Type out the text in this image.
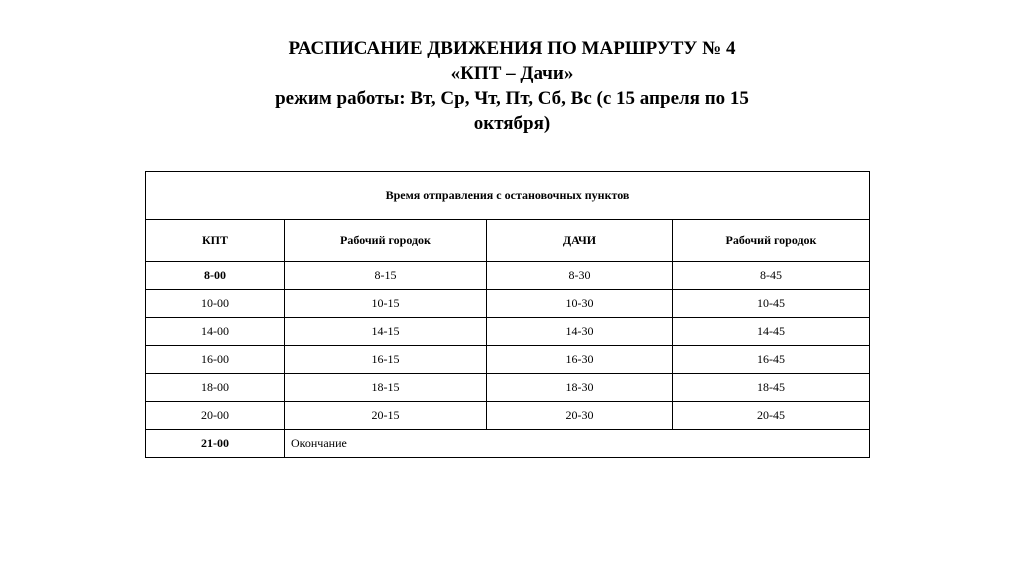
РАСПИСАНИЕ ДВИЖЕНИЯ ПО МАРШРУТУ № 4
«КПТ – Дачи»
режим работы: Вт, Ср, Чт, Пт, Сб, Вс (с 15 апреля по 15 октября)
Время отправления с остановочных пунктов			
КПТ	Рабочий городок	ДАЧИ	Рабочий городок
8-00	8-15	8-30	8-45
10-00	10-15	10-30	10-45
14-00	14-15	14-30	14-45
16-00	16-15	16-30	16-45
18-00	18-15	18-30	18-45
20-00	20-15	20-30	20-45
21-00	Окончание		
